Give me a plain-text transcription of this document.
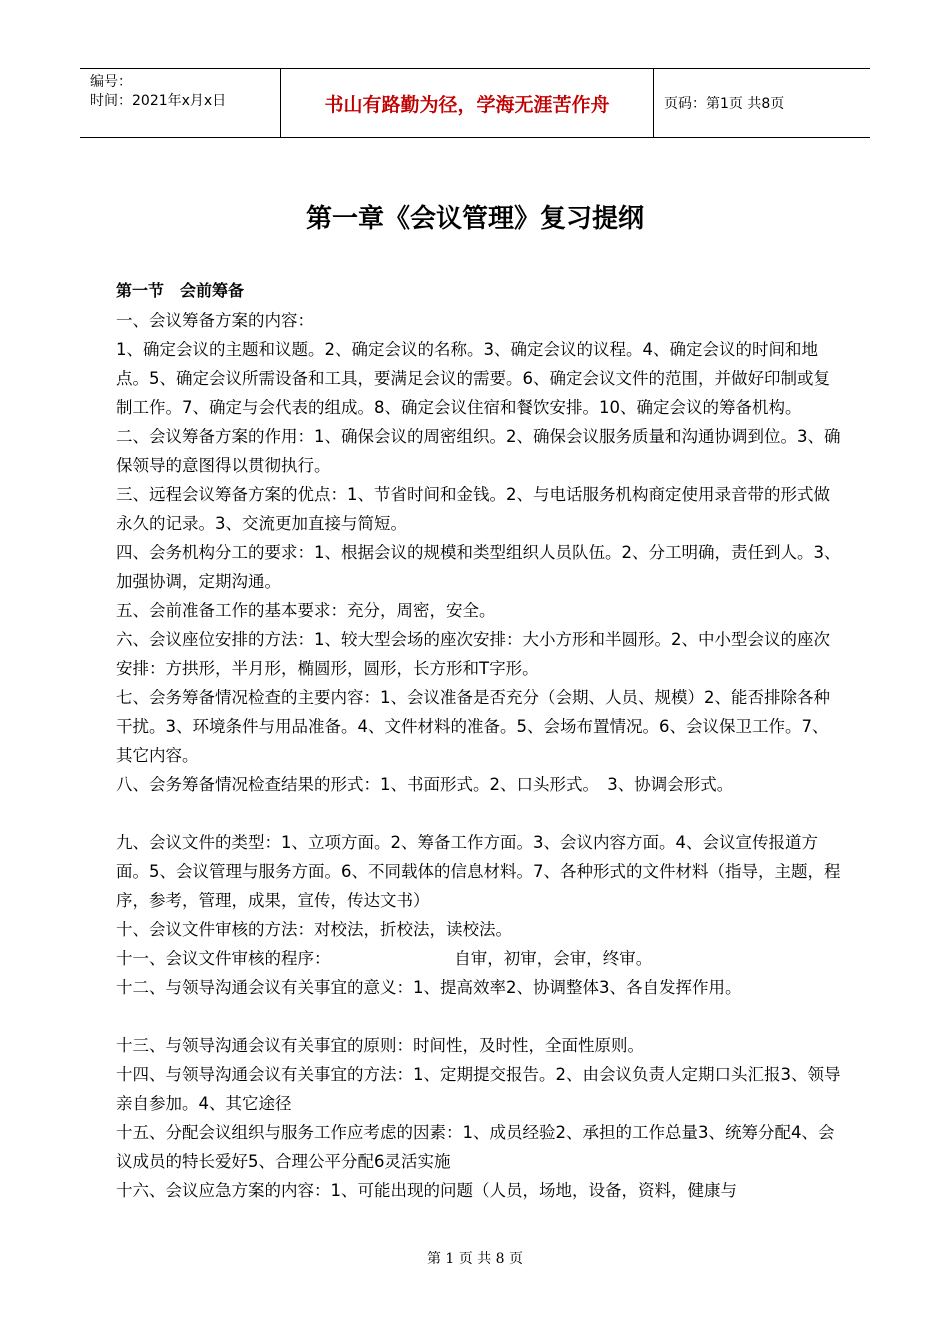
编号：
时间：2021年x月x日	书山有路勤为径，学海无涯苦作舟	页码：第1页 共8页
第一章《会议管理》复习提纲
第一节　会前筹备

一、会议筹备方案的内容：

1、确定会议的主题和议题。2、确定会议的名称。3、确定会议的议程。4、确定会议的时间和地点。5、确定会议所需设备和工具，要满足会议的需要。6、确定会议文件的范围，并做好印制或复制工作。7、确定与会代表的组成。8、确定会议住宿和餐饮安排。10、确定会议的筹备机构。

二、会议筹备方案的作用：1、确保会议的周密组织。2、确保会议服务质量和沟通协调到位。3、确保领导的意图得以贯彻执行。

三、远程会议筹备方案的优点：1、节省时间和金钱。2、与电话服务机构商定使用录音带的形式做永久的记录。3、交流更加直接与简短。

四、会务机构分工的要求：1、根据会议的规模和类型组织人员队伍。2、分工明确，责任到人。3、加强协调，定期沟通。

五、会前准备工作的基本要求：充分，周密，安全。

六、会议座位安排的方法：1、较大型会场的座次安排：大小方形和半圆形。2、中小型会议的座次安排：方拱形，半月形，椭圆形，圆形，长方形和T字形。

七、会务筹备情况检查的主要内容：1、会议准备是否充分（会期、人员、规模）2、能否排除各种干扰。3、环境条件与用品准备。4、文件材料的准备。5、会场布置情况。6、会议保卫工作。7、其它内容。

八、会务筹备情况检查结果的形式：1、书面形式。2、口头形式。　3、协调会形式。

九、会议文件的类型：1、立项方面。2、筹备工作方面。3、会议内容方面。4、会议宣传报道方面。5、会议管理与服务方面。6、不同载体的信息材料。7、各种形式的文件材料（指导，主题，程序，参考，管理，成果，宣传，传达文书）

十、会议文件审核的方法：对校法，折校法，读校法。

十一、会议文件审核的程序：　　　　　　　　自审，初审，会审，终审。

十二、与领导沟通会议有关事宜的意义：1、提高效率2、协调整体3、各自发挥作用。

十三、与领导沟通会议有关事宜的原则：时间性，及时性，全面性原则。

十四、与领导沟通会议有关事宜的方法：1、定期提交报告。2、由会议负责人定期口头汇报3、领导亲自参加。4、其它途径

十五、分配会议组织与服务工作应考虑的因素：1、成员经验2、承担的工作总量3、统筹分配4、会议成员的特长爱好5、合理公平分配6灵活实施

十六、会议应急方案的内容：1、可能出现的问题（人员，场地，设备，资料，健康与

第 1 页 共 8 页
